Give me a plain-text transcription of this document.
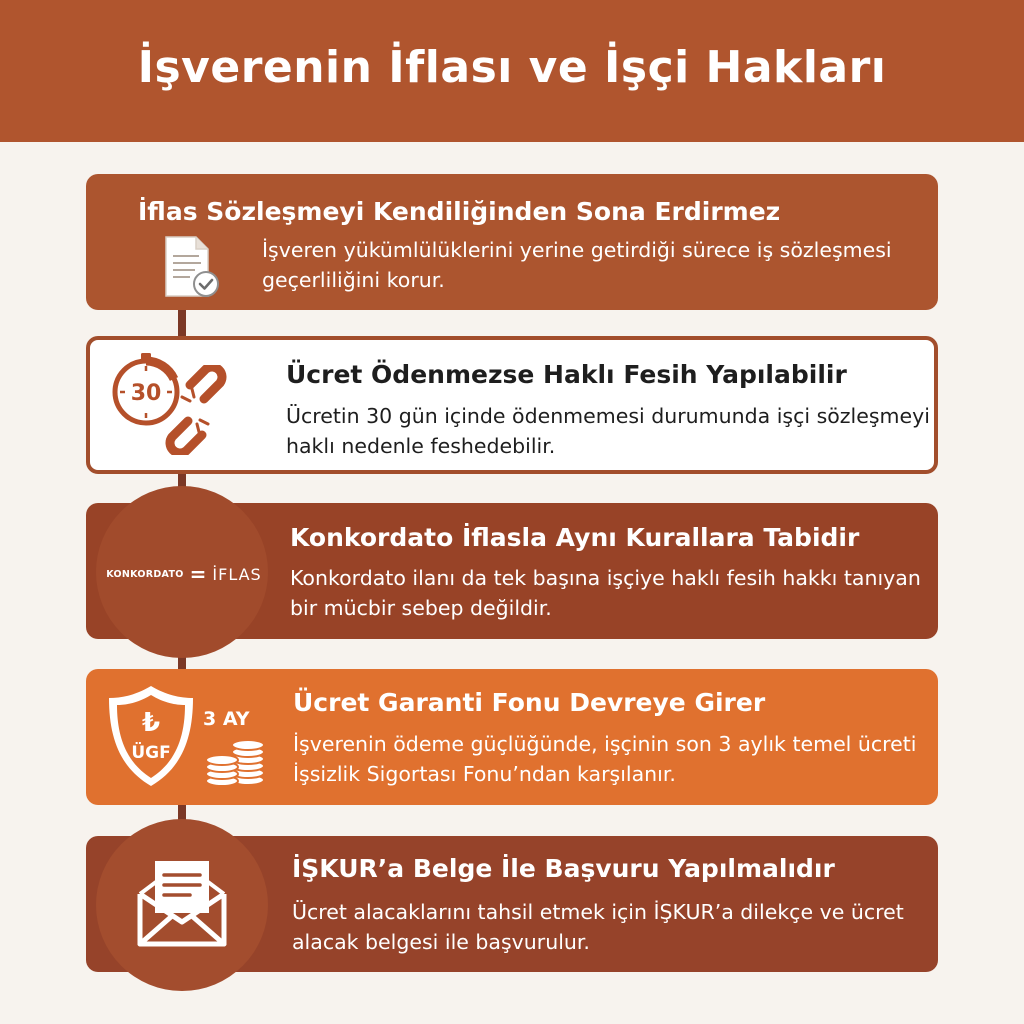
İşverenin İflası ve İşçi Hakları
İflas Sözleşmeyi Kendiliğinden Sona Erdirmez

İşveren yükümlülüklerini yerine getirdiği sürece iş sözleşmesi geçerliliğini korur.

Ücret Ödenmezse Haklı Fesih Yapılabilir

Ücretin 30 gün içinde ödenmemesi durumunda işçi sözleşmeyi haklı nedenle feshedebilir.

30
Konkordato İflasla Aynı Kurallara Tabidir

Konkordato ilanı da tek başına işçiye haklı fesih hakkı tanıyan bir mücbir sebep değildir.

KONKORDATO = İFLAS
Ücret Garanti Fonu Devreye Girer

İşverenin ödeme güçlüğünde, işçinin son 3 aylık temel ücreti İşsizlik Sigortası Fonu’ndan karşılanır.

₺
ÜGF
3 AY
İŞKUR’a Belge İle Başvuru Yapılmalıdır

Ücret alacaklarını tahsil etmek için İŞKUR’a dilekçe ve ücret alacak belgesi ile başvurulur.
